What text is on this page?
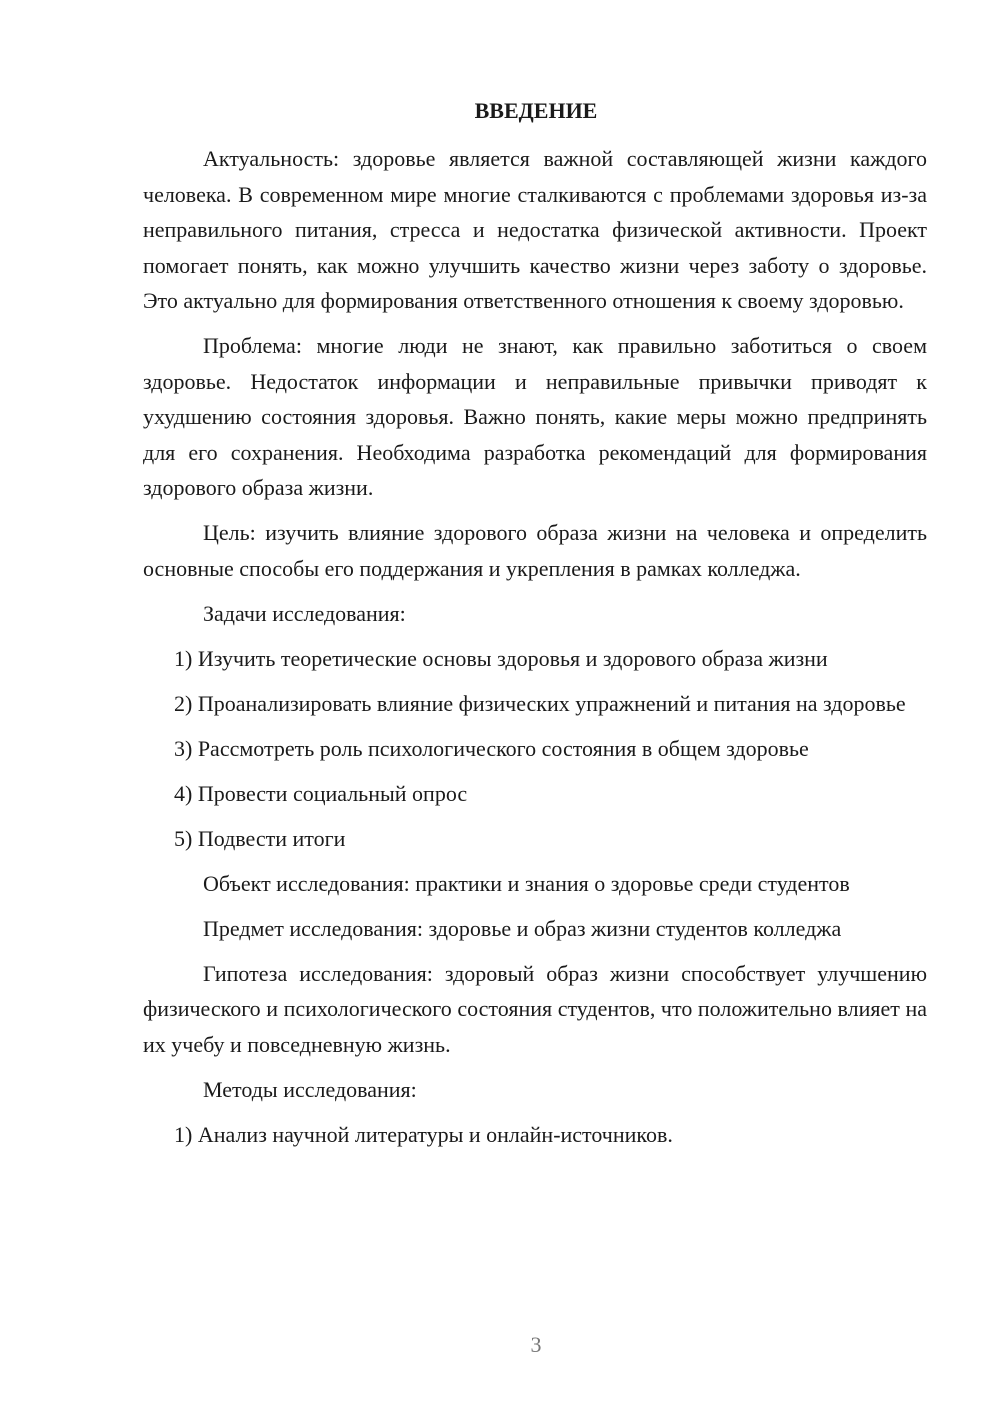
ВВЕДЕНИЕ

Актуальность: здоровье является важной составляющей жизни каждого человека. В современном мире многие сталкиваются с проблемами здоровья из-за неправильного питания, стресса и недостатка физической активности. Проект помогает понять, как можно улучшить качество жизни через заботу о здоровье. Это актуально для формирования ответственного отношения к своему здоровью.

Проблема: многие люди не знают, как правильно заботиться о своем здоровье. Недостаток информации и неправильные привычки приводят к ухудшению состояния здоровья. Важно понять, какие меры можно предпринять для его сохранения. Необходима разработка рекомендаций для формирования здорового образа жизни.

Цель: изучить влияние здорового образа жизни на человека и определить основные способы его поддержания и укрепления в рамках колледжа.

Задачи исследования:

1) Изучить теоретические основы здоровья и здорового образа жизни

2) Проанализировать влияние физических упражнений и питания на здоровье

3) Рассмотреть роль психологического состояния в общем здоровье

4) Провести социальный опрос

5) Подвести итоги

Объект исследования: практики и знания о здоровье среди студентов

Предмет исследования: здоровье и образ жизни студентов колледжа

Гипотеза исследования: здоровый образ жизни способствует улучшению физического и психологического состояния студентов, что положительно влияет на их учебу и повседневную жизнь.

Методы исследования:

1) Анализ научной литературы и онлайн-источников.

3
